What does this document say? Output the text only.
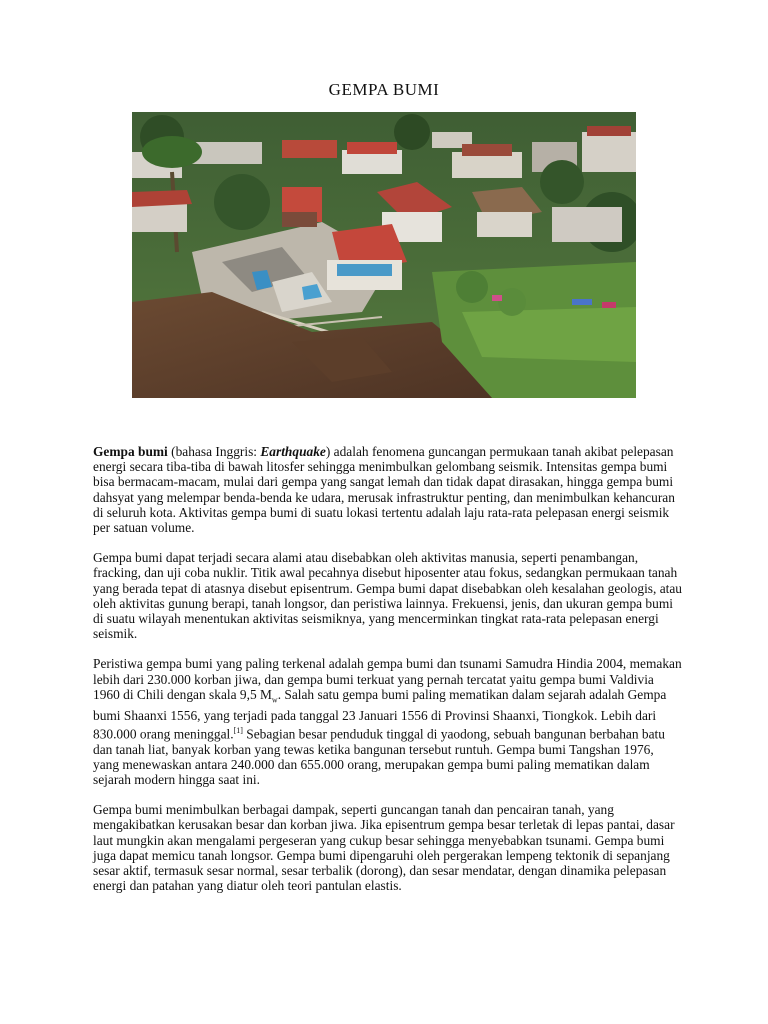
GEMPA BUMI

Gempa bumi (bahasa Inggris: Earthquake) adalah fenomena guncangan permukaan tanah akibat pelepasan energi secara tiba-tiba di bawah litosfer sehingga menimbulkan gelombang seismik. Intensitas gempa bumi bisa bermacam-macam, mulai dari gempa yang sangat lemah dan tidak dapat dirasakan, hingga gempa bumi dahsyat yang melempar benda-benda ke udara, merusak infrastruktur penting, dan menimbulkan kehancuran di seluruh kota. Aktivitas gempa bumi di suatu lokasi tertentu adalah laju rata-rata pelepasan energi seismik per satuan volume.

Gempa bumi dapat terjadi secara alami atau disebabkan oleh aktivitas manusia, seperti penambangan, fracking, dan uji coba nuklir. Titik awal pecahnya disebut hiposenter atau fokus, sedangkan permukaan tanah yang berada tepat di atasnya disebut episentrum. Gempa bumi dapat disebabkan oleh kesalahan geologis, atau oleh aktivitas gunung berapi, tanah longsor, dan peristiwa lainnya. Frekuensi, jenis, dan ukuran gempa bumi di suatu wilayah menentukan aktivitas seismiknya, yang mencerminkan tingkat rata-rata pelepasan energi seismik.

Peristiwa gempa bumi yang paling terkenal adalah gempa bumi dan tsunami Samudra Hindia 2004, memakan lebih dari 230.000 korban jiwa, dan gempa bumi terkuat yang pernah tercatat yaitu gempa bumi Valdivia 1960 di Chili dengan skala 9,5 $M_w$. Salah satu gempa bumi paling mematikan dalam sejarah adalah Gempa bumi Shaanxi 1556, yang terjadi pada tanggal 23 Januari 1556 di Provinsi Shaanxi, Tiongkok. Lebih dari 830.000 orang meninggal.[1] Sebagian besar penduduk tinggal di yaodong, sebuah bangunan berbahan batu dan tanah liat, banyak korban yang tewas ketika bangunan tersebut runtuh. Gempa bumi Tangshan 1976, yang menewaskan antara 240.000 dan 655.000 orang, merupakan gempa bumi paling mematikan dalam sejarah modern hingga saat ini.

Gempa bumi menimbulkan berbagai dampak, seperti guncangan tanah dan pencairan tanah, yang mengakibatkan kerusakan besar dan korban jiwa. Jika episentrum gempa besar terletak di lepas pantai, dasar laut mungkin akan mengalami pergeseran yang cukup besar sehingga menyebabkan tsunami. Gempa bumi juga dapat memicu tanah longsor. Gempa bumi dipengaruhi oleh pergerakan lempeng tektonik di sepanjang sesar aktif, termasuk sesar normal, sesar terbalik (dorong), dan sesar mendatar, dengan dinamika pelepasan energi dan patahan yang diatur oleh teori pantulan elastis.
